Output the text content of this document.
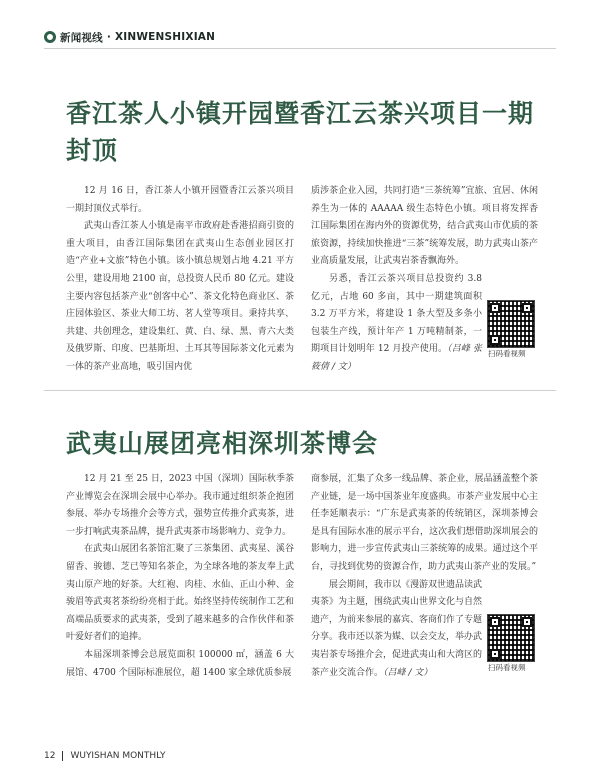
新闻视线 · XINWENSHIXIAN
香江茶人小镇开园暨香江云茶兴项目一期封顶

12 月 16 日，香江茶人小镇开园暨香江云茶兴项目一期封顶仪式举行。

武夷山香江茶人小镇是南平市政府赴香港招商引资的重大项目，由香江国际集团在武夷山生态创业园区打造“产业+文旅”特色小镇。该小镇总规划占地 4.21 平方公里，建设用地 2100 亩，总投资人民币 80 亿元。建设主要内容包括茶产业“创客中心”、茶文化特色商业区、茶庄园体验区、茶业大师工坊、茗人堂等项目。秉持共享、共建、共创理念，建设集红、黄、白、绿、黑、青六大类及俄罗斯、印度、巴基斯坦、土耳其等国际茶文化元素为一体的茶产业高地，吸引国内优

质涉茶企业入园，共同打造“三茶统筹”宜旅、宜居、休闲养生为一体的 AAAAA 级生态特色小镇。项目将发挥香江国际集团在海内外的资源优势，结合武夷山市优质的茶旅资源，持续加快推进“三茶”统筹发展，助力武夷山茶产业高质量发展，让武夷岩茶香飘海外。

另悉，香江云茶兴项目总投资约 3.8 亿元，占地 60 多亩，其中一期建筑面积 3.2 万平方米，将建设 1 条大型及多条小包装生产线，预计年产 1 万吨精制茶，一期项目计划明年 12 月投产使用。（吕峰 张筱倩 / 文）

扫码看视频
武夷山展团亮相深圳茶博会

12 月 21 至 25 日，2023 中国（深圳）国际秋季茶产业博览会在深圳会展中心举办。我市通过组织茶企抱团参展、举办专场推介会等方式，强势宣传推介武夷茶，进一步打响武夷茶品牌，提升武夷茶市场影响力、竞争力。

在武夷山展团名茶馆汇聚了三茶集团、武夷星、溪谷留香、骏德、芝已等知名茶企，为全球各地的茶友奉上武夷山原产地的好茶。大红袍、肉桂、水仙、正山小种、金骏眉等武夷茗茶纷纷亮相于此。始终坚持传统制作工艺和高端品质要求的武夷茶，受到了越来越多的合作伙伴和茶叶爱好者们的追捧。

本届深圳茶博会总展览面积 100000 ㎡，涵盖 6 大展馆、4700 个国际标准展位，超 1400 家全球优质参展

商参展，汇集了众多一线品牌、茶企业，展品涵盖整个茶产业链，是一场中国茶业年度盛典。市茶产业发展中心主任李延顺表示：“广东是武夷茶的传统销区，深圳茶博会是具有国际水准的展示平台，这次我们想借助深圳展会的影响力，进一步宣传武夷山三茶统筹的成果。通过这个平台，寻找到优势的资源合作，助力武夷山茶产业的发展。”

展会期间，我市以《漫游双世遗品读武夷茶》为主题，围绕武夷山世界文化与自然遗产，为前来参展的嘉宾、客商们作了专题分享。我市还以茶为媒、以会交友，举办武夷岩茶专场推介会，促进武夷山和大湾区的茶产业交流合作。（吕峰 / 文）

扫码看视频
12 WUYISHAN MONTHLY
